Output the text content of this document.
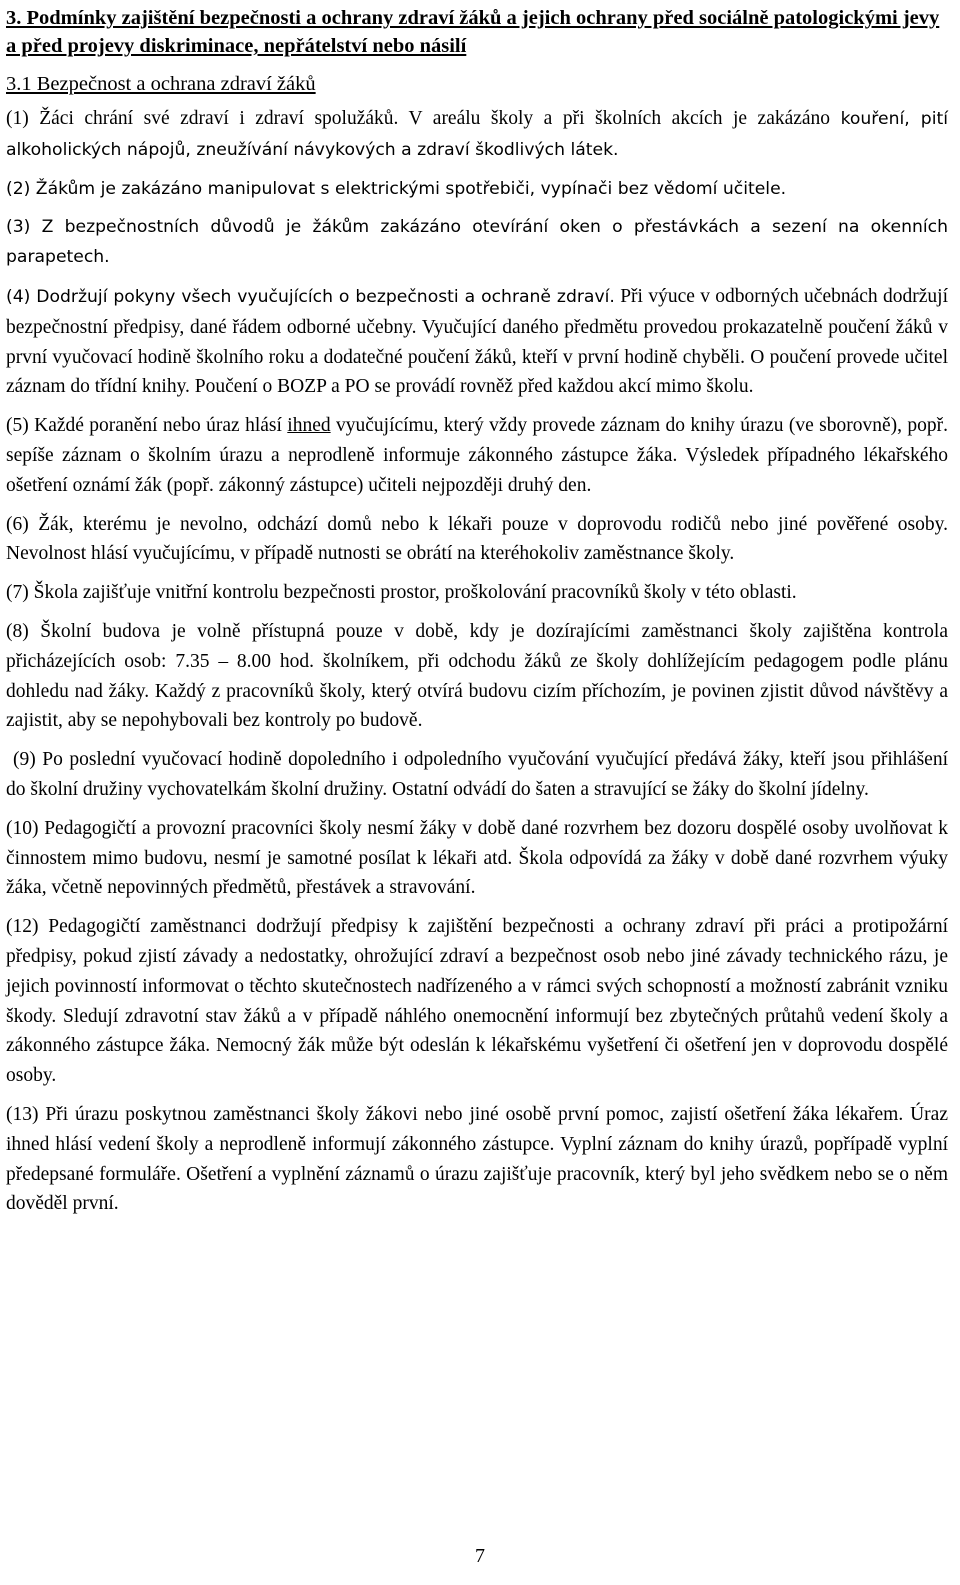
3. Podmínky zajištění bezpečnosti a ochrany zdraví žáků a jejich ochrany před sociálně patologickými jevy a před projevy diskriminace, nepřátelství nebo násilí
3.1 Bezpečnost a ochrana zdraví žáků

(1) Žáci chrání své zdraví i zdraví spolužáků. V areálu školy a při školních akcích je zakázáno kouření, pití alkoholických nápojů, zneužívání návykových a zdraví škodlivých látek.

(2) Žákům je zakázáno manipulovat s elektrickými spotřebiči, vypínači bez vědomí učitele.

(3) Z bezpečnostních důvodů je žákům zakázáno otevírání oken o přestávkách a sezení na okenních parapetech.

(4) Dodržují pokyny všech vyučujících o bezpečnosti a ochraně zdraví. Při výuce v odborných učebnách dodržují bezpečnostní předpisy, dané řádem odborné učebny. Vyučující daného předmětu provedou prokazatelně poučení žáků v první vyučovací hodině školního roku a dodatečné poučení žáků, kteří v první hodině chyběli. O poučení provede učitel záznam do třídní knihy. Poučení o BOZP a PO se provádí rovněž před každou akcí mimo školu.

(5) Každé poranění nebo úraz hlásí ihned vyučujícímu, který vždy provede záznam do knihy úrazu (ve sborovně), popř. sepíše záznam o školním úrazu a neprodleně informuje zákonného zástupce žáka. Výsledek případného lékařského ošetření oznámí žák (popř. zákonný zástupce) učiteli nejpozději druhý den.

(6) Žák, kterému je nevolno, odchází domů nebo k lékaři pouze v doprovodu rodičů nebo jiné pověřené osoby. Nevolnost hlásí vyučujícímu, v případě nutnosti se obrátí na kteréhokoliv zaměstnance školy.

(7) Škola zajišťuje vnitřní kontrolu bezpečnosti prostor, proškolování pracovníků školy v této oblasti.

(8) Školní budova je volně přístupná pouze v době, kdy je dozírajícími zaměstnanci školy zajištěna kontrola přicházejících osob: 7.35 – 8.00 hod. školníkem, při odchodu žáků ze školy dohlížejícím pedagogem podle plánu dohledu nad žáky. Každý z pracovníků školy, který otvírá budovu cizím příchozím, je povinen zjistit důvod návštěvy a zajistit, aby se nepohybovali bez kontroly po budově.

(9) Po poslední vyučovací hodině dopoledního i odpoledního vyučování vyučující předává žáky, kteří jsou přihlášení do školní družiny vychovatelkám školní družiny. Ostatní odvádí do šaten a stravující se žáky do školní jídelny.

(10) Pedagogičtí a provozní pracovníci školy nesmí žáky v době dané rozvrhem bez dozoru dospělé osoby uvolňovat k činnostem mimo budovu, nesmí je samotné posílat k lékaři atd. Škola odpovídá za žáky v době dané rozvrhem výuky žáka, včetně nepovinných předmětů, přestávek a stravování.

(12) Pedagogičtí zaměstnanci dodržují předpisy k zajištění bezpečnosti a ochrany zdraví při práci a protipožární předpisy, pokud zjistí závady a nedostatky, ohrožující zdraví a bezpečnost osob nebo jiné závady technického rázu, je jejich povinností informovat o těchto skutečnostech nadřízeného a v rámci svých schopností a možností zabránit vzniku škody. Sledují zdravotní stav žáků a v případě náhlého onemocnění informují bez zbytečných průtahů vedení školy a zákonného zástupce žáka. Nemocný žák může být odeslán k lékařskému vyšetření či ošetření jen v doprovodu dospělé osoby.

(13) Při úrazu poskytnou zaměstnanci školy žákovi nebo jiné osobě první pomoc, zajistí ošetření žáka lékařem. Úraz ihned hlásí vedení školy a neprodleně informují zákonného zástupce. Vyplní záznam do knihy úrazů, popřípadě vyplní předepsané formuláře. Ošetření a vyplnění záznamů o úrazu zajišťuje pracovník, který byl jeho svědkem nebo se o něm dověděl první.

7
